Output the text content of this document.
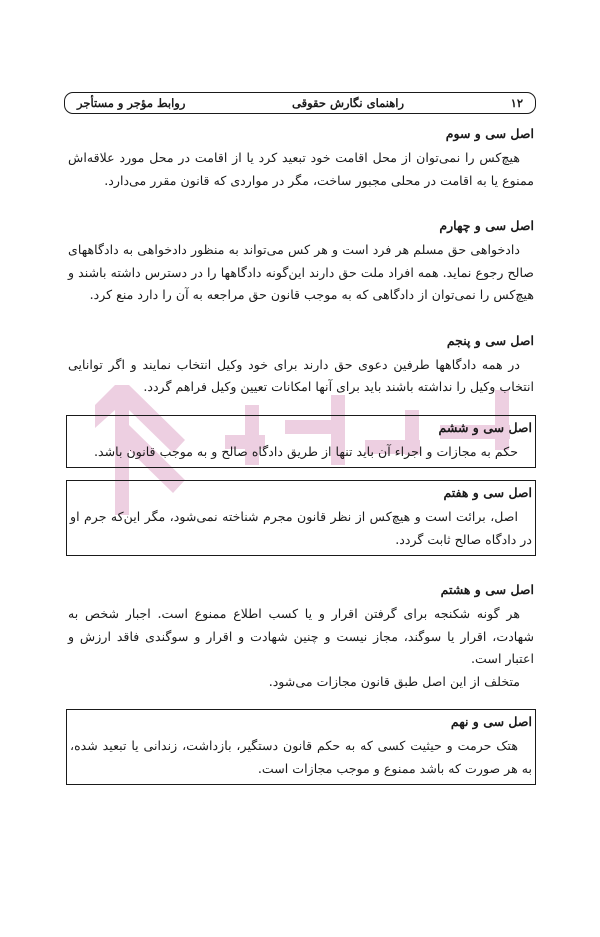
۱۲
راهنمای نگارش حقوقی
روابط مؤجر و مستأجر
اصل سی و سوم

هیچ‌کس را نمی‌توان از محل اقامت خود تبعید کرد یا از اقامت در محل مورد علاقه‌اش ممنوع یا به اقامت در محلی مجبور ساخت، مگر در مواردی که قانون مقرر می‌دارد.

اصل سی و چهارم

دادخواهی حق مسلم هر فرد است و هر کس می‌تواند به منظور دادخواهی به دادگاههای صالح رجوع نماید. همه افراد ملت حق دارند این‌گونه دادگاهها را در دسترس داشته باشند و هیچ‌کس را نمی‌توان از دادگاهی که به موجب قانون حق مراجعه به آن را دارد منع کرد.

اصل سی و پنجم

در همه دادگاهها طرفین دعوی حق دارند برای خود وکیل انتخاب نمایند و اگر توانایی انتخاب وکیل را نداشته باشند باید برای آنها امکانات تعیین وکیل فراهم گردد.

اصل سی و ششم

حکم به مجازات و اجراء آن باید تنها از طریق دادگاه صالح و به موجب قانون باشد.

اصل سی و هفتم

اصل، برائت است و هیچ‌کس از نظر قانون مجرم شناخته نمی‌شود، مگر این‌که جرم او در دادگاه صالح ثابت گردد.

اصل سی و هشتم

هر گونه شکنجه برای گرفتن اقرار و یا کسب اطلاع ممنوع است. اجبار شخص به شهادت، اقرار یا سوگند، مجاز نیست و چنین شهادت و اقرار و سوگندی فاقد ارزش و اعتبار است.

متخلف از این اصل طبق قانون مجازات می‌شود.

اصل سی و نهم

هتک حرمت و حیثیت کسی که به حکم قانون دستگیر، بازداشت، زندانی یا تبعید شده، به هر صورت که باشد ممنوع و موجب مجازات است.
